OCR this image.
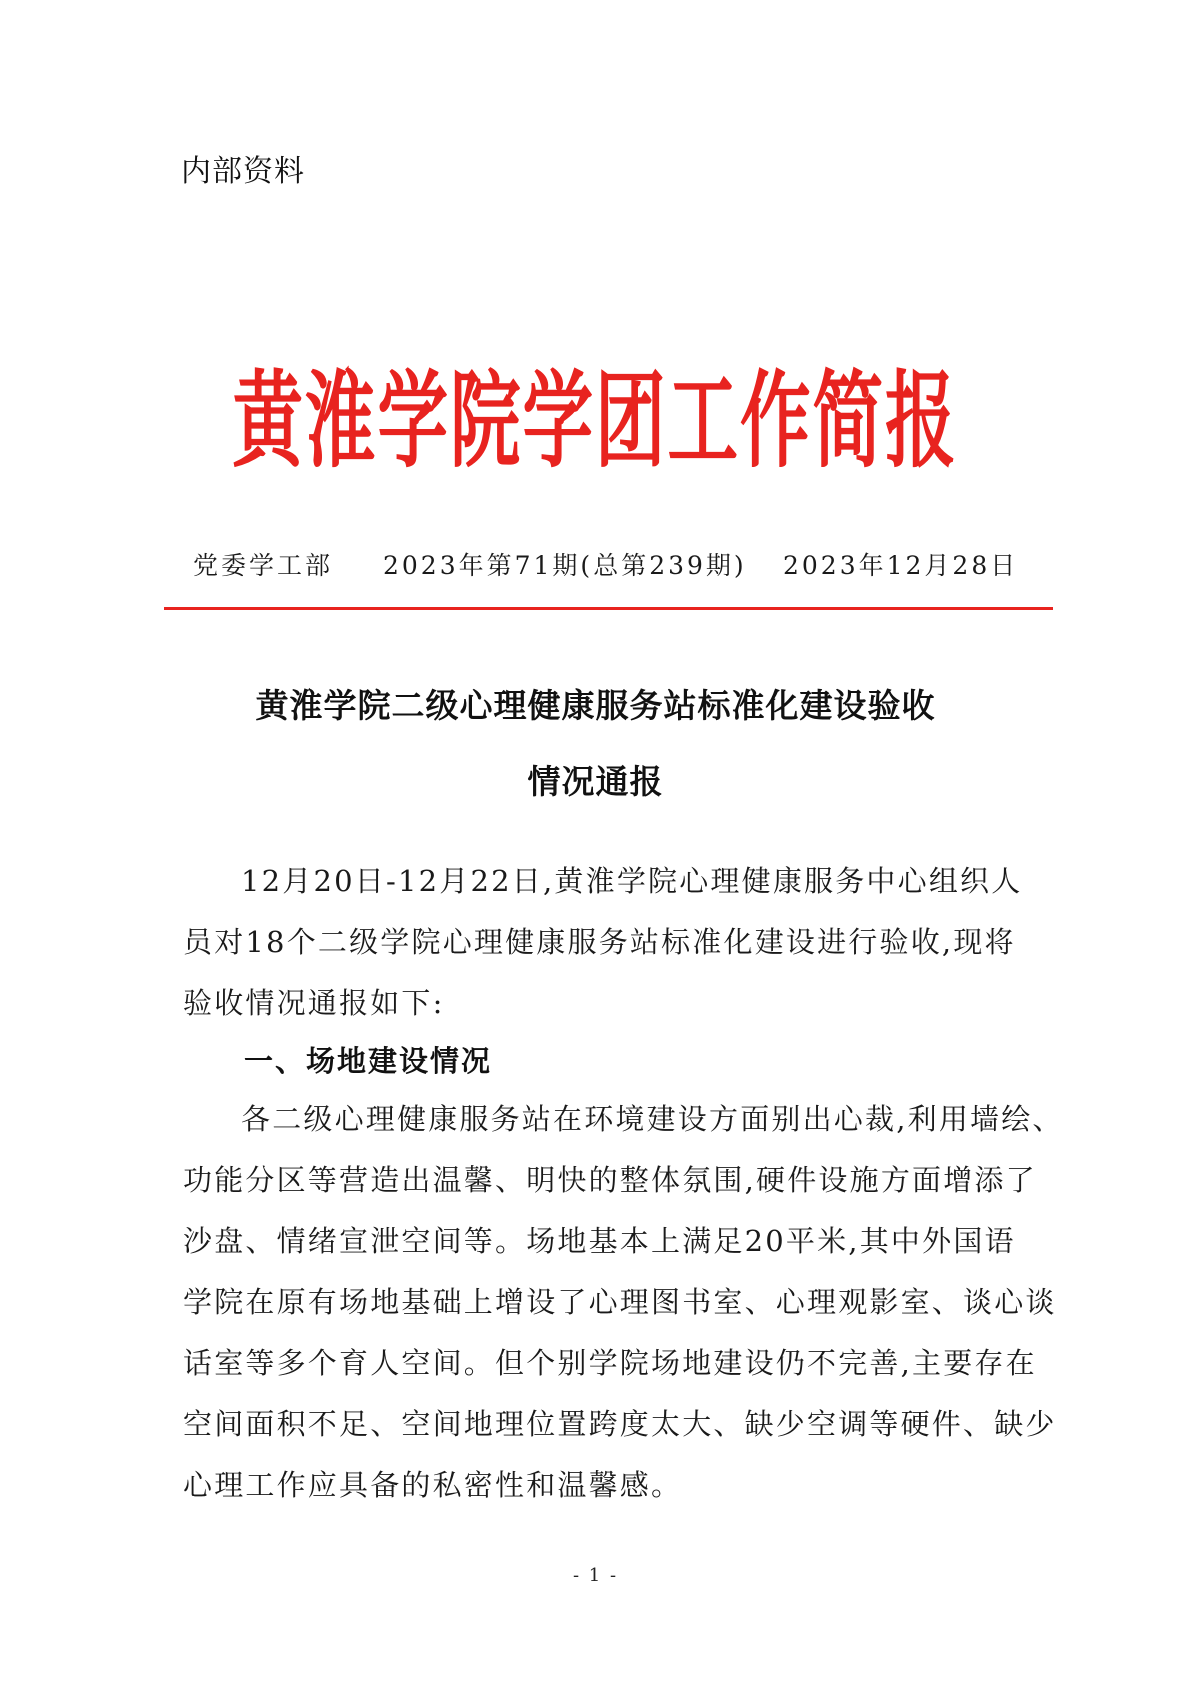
内部资料
黄淮学院学团工作简报
党委学工部 2023年第71期(总第239期) 2023年12月28日
黄淮学院二级心理健康服务站标准化建设验收
情况通报
12月20日-12月22日,黄淮学院心理健康服务中心组织人
员对18个二级学院心理健康服务站标准化建设进行验收,现将
验收情况通报如下:
一、场地建设情况
各二级心理健康服务站在环境建设方面别出心裁,利用墙绘、
功能分区等营造出温馨、明快的整体氛围,硬件设施方面增添了
沙盘、情绪宣泄空间等。场地基本上满足20平米,其中外国语
学院在原有场地基础上增设了心理图书室、心理观影室、谈心谈
话室等多个育人空间。但个别学院场地建设仍不完善,主要存在
空间面积不足、空间地理位置跨度太大、缺少空调等硬件、缺少
心理工作应具备的私密性和温馨感。
- 1 -
